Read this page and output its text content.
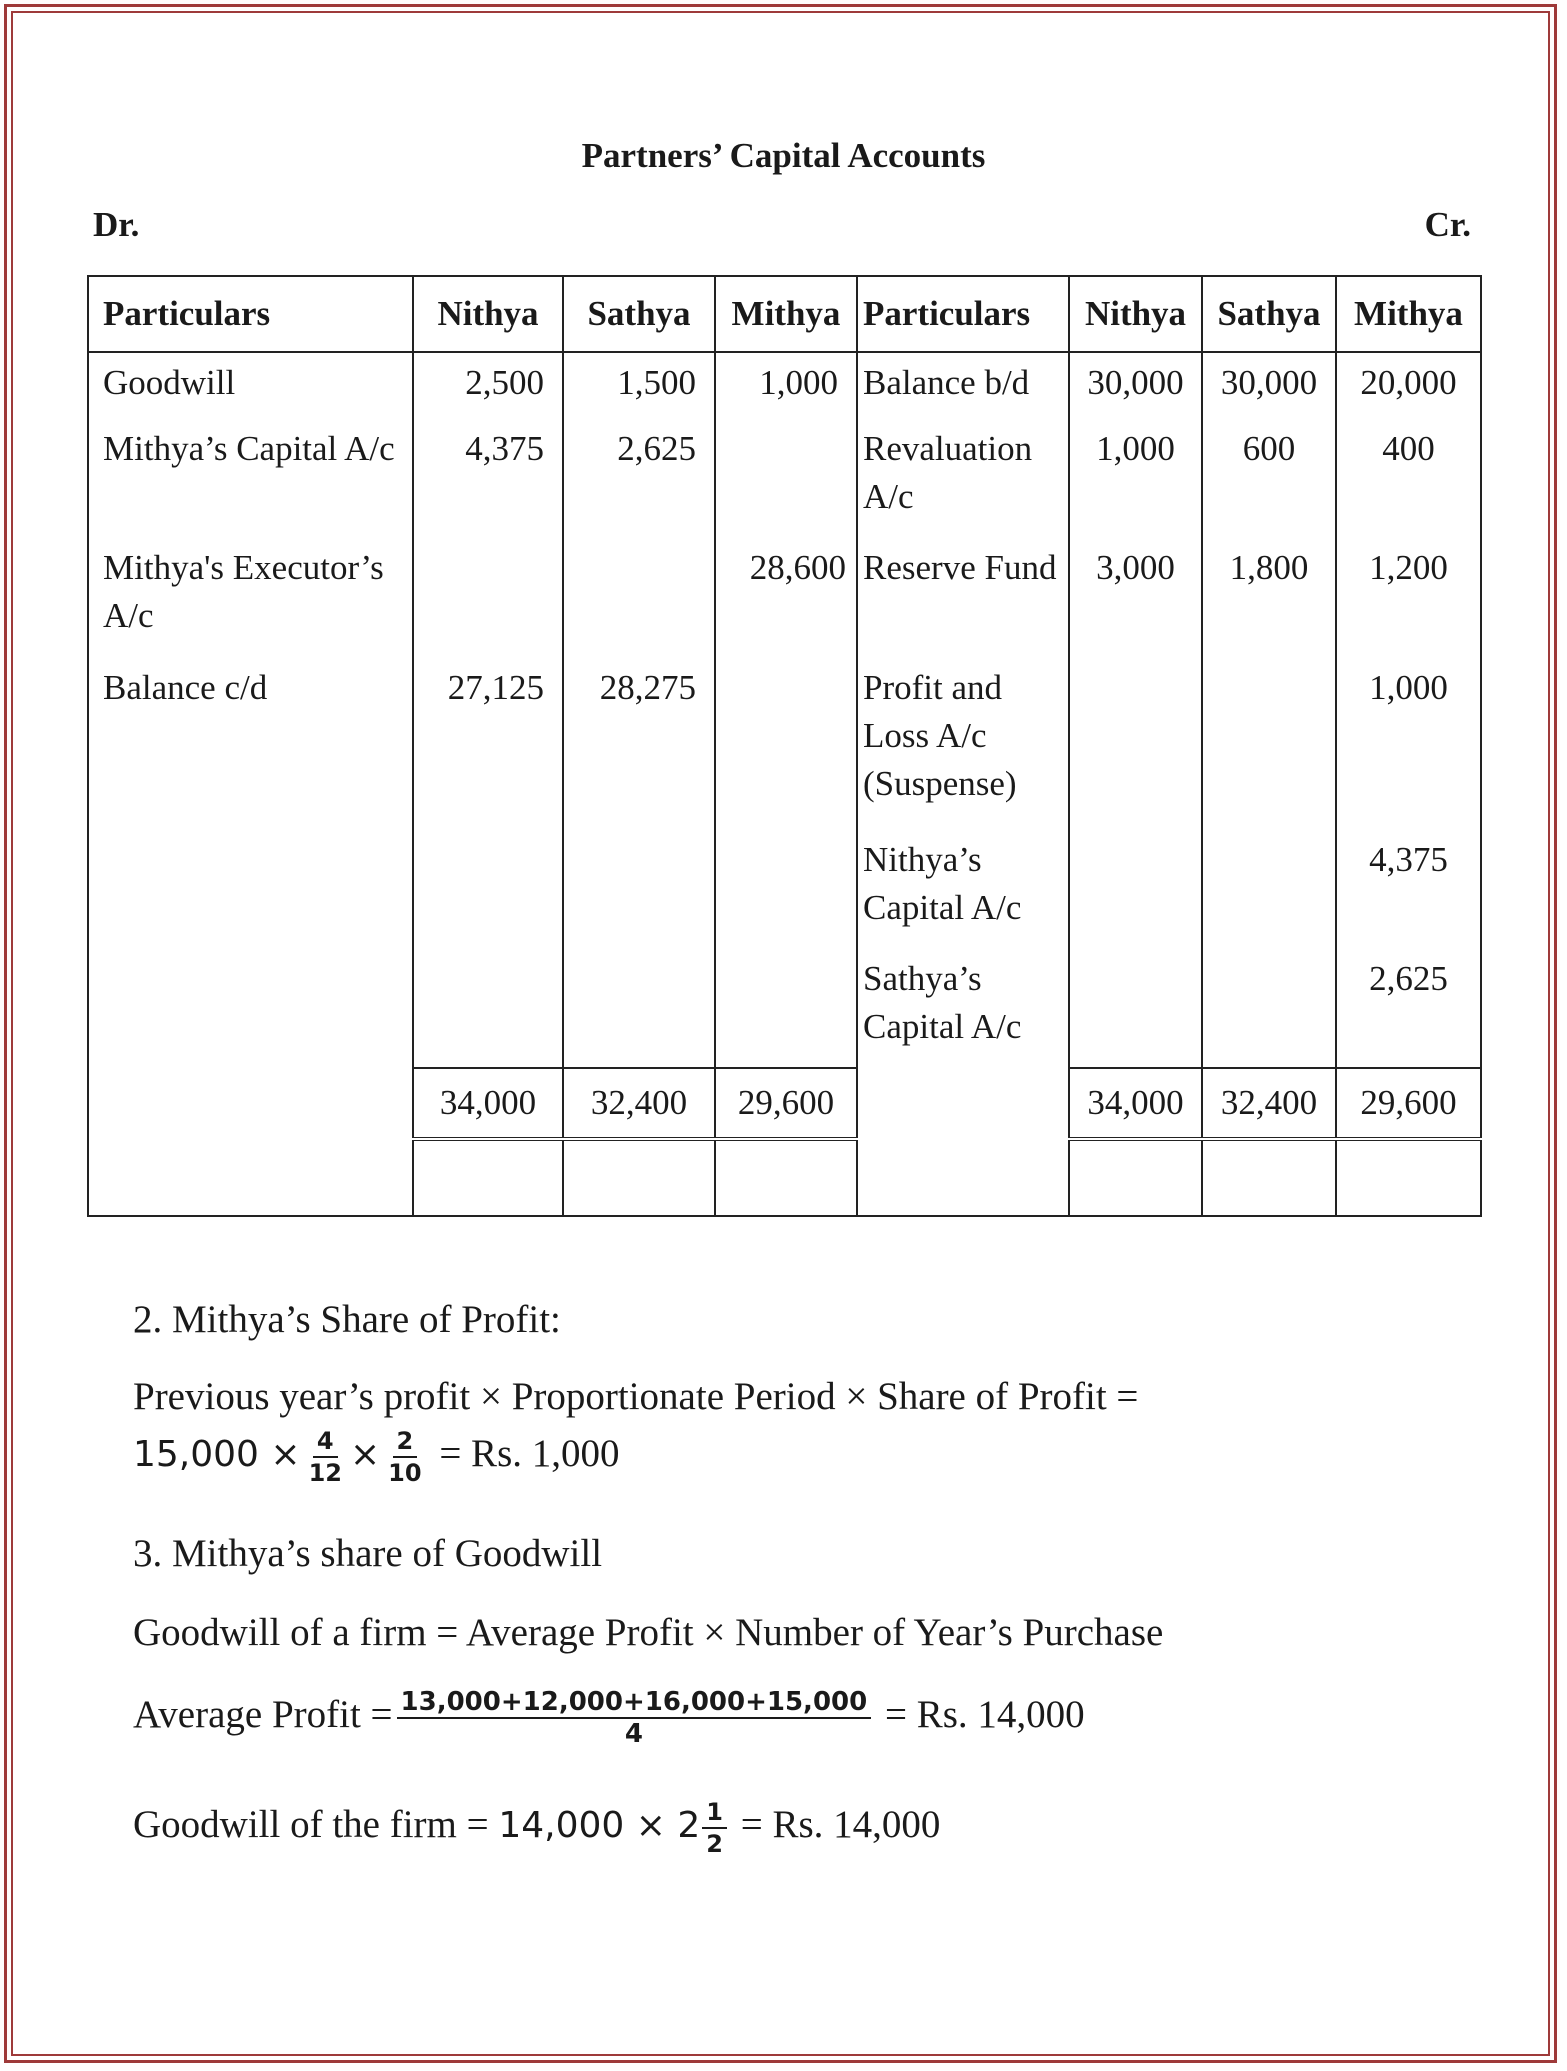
Partners’ Capital Accounts
Dr.	Cr.
Particulars	Nithya	Sathya	Mithya	Particulars	Nithya	Sathya	Mithya
Goodwill	2,500	1,500	1,000	Balance b/d	30,000	30,000	20,000
Mithya’s Capital A/c	4,375	2,625		Revaluation A/c	1,000	600	400
Mithya's Executor’s A/c			28,600	Reserve Fund	3,000	1,800	1,200
Balance c/d	27,125	28,275		Profit and Loss A/c (Suspense)			1,000
				Nithya’s Capital A/c			4,375
				Sathya’s Capital A/c			2,625
	34,000	32,400	29,600		34,000	32,400	29,600

2. Mithya’s Share of Profit:
Previous year’s profit × Proportionate Period × Share of Profit =
$15,000 \times \frac{4}{12} \times \frac{2}{10} = Rs$. 1,000
3. Mithya’s share of Goodwill
Goodwill of a firm = Average Profit × Number of Year’s Purchase
Average Profit = $\frac{13,000+12,000+16,000+15,000}{4} = Rs$. 14,000
Goodwill of the firm = $14,000 \times 2 \frac{1}{2} = Rs$. 14,000
